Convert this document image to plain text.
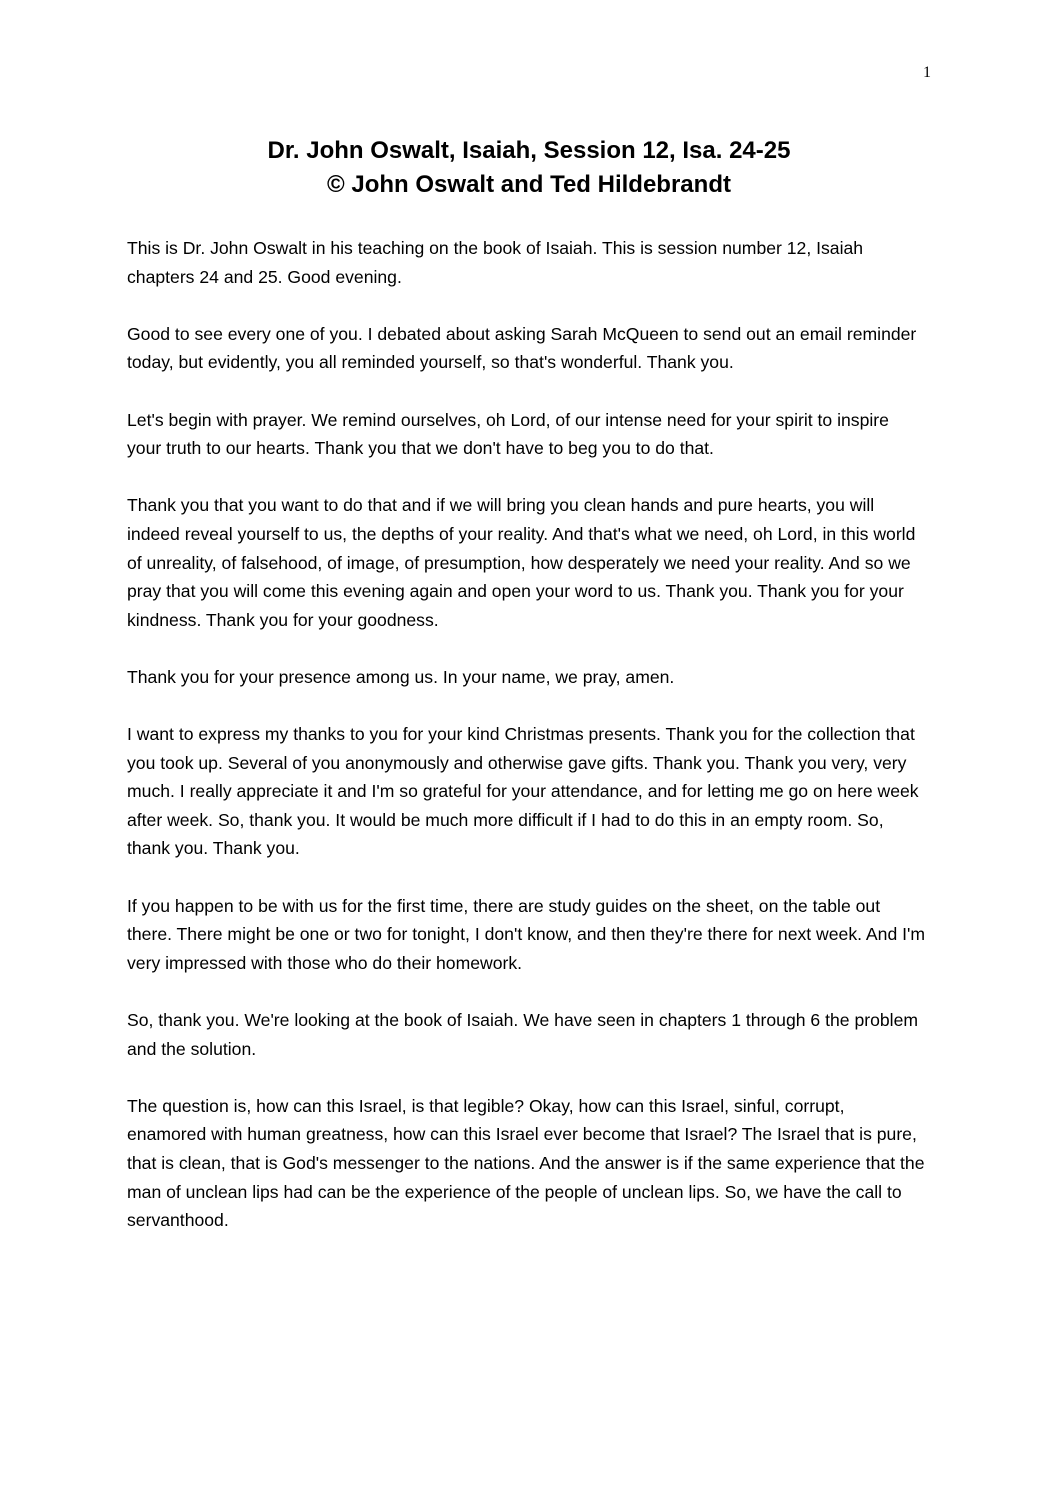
1
Dr. John Oswalt, Isaiah, Session 12, Isa. 24-25
© John Oswalt and Ted Hildebrandt

This is Dr. John Oswalt in his teaching on the book of Isaiah. This is session number 12, Isaiah chapters 24 and 25. Good evening.

Good to see every one of you. I debated about asking Sarah McQueen to send out an email reminder today, but evidently, you all reminded yourself, so that's wonderful. Thank you.

Let's begin with prayer. We remind ourselves, oh Lord, of our intense need for your spirit to inspire your truth to our hearts. Thank you that we don't have to beg you to do that.

Thank you that you want to do that and if we will bring you clean hands and pure hearts, you will indeed reveal yourself to us, the depths of your reality. And that's what we need, oh Lord, in this world of unreality, of falsehood, of image, of presumption, how desperately we need your reality. And so we pray that you will come this evening again and open your word to us. Thank you. Thank you for your kindness. Thank you for your goodness.

Thank you for your presence among us. In your name, we pray, amen.

I want to express my thanks to you for your kind Christmas presents. Thank you for the collection that you took up. Several of you anonymously and otherwise gave gifts. Thank you. Thank you very, very much. I really appreciate it and I'm so grateful for your attendance, and for letting me go on here week after week. So, thank you. It would be much more difficult if I had to do this in an empty room. So, thank you. Thank you.

If you happen to be with us for the first time, there are study guides on the sheet, on the table out there. There might be one or two for tonight, I don't know, and then they're there for next week. And I'm very impressed with those who do their homework.

So, thank you. We're looking at the book of Isaiah. We have seen in chapters 1 through 6 the problem and the solution.

The question is, how can this Israel, is that legible? Okay, how can this Israel, sinful, corrupt, enamored with human greatness, how can this Israel ever become that Israel? The Israel that is pure, that is clean, that is God's messenger to the nations. And the answer is if the same experience that the man of unclean lips had can be the experience of the people of unclean lips. So, we have the call to servanthood.
